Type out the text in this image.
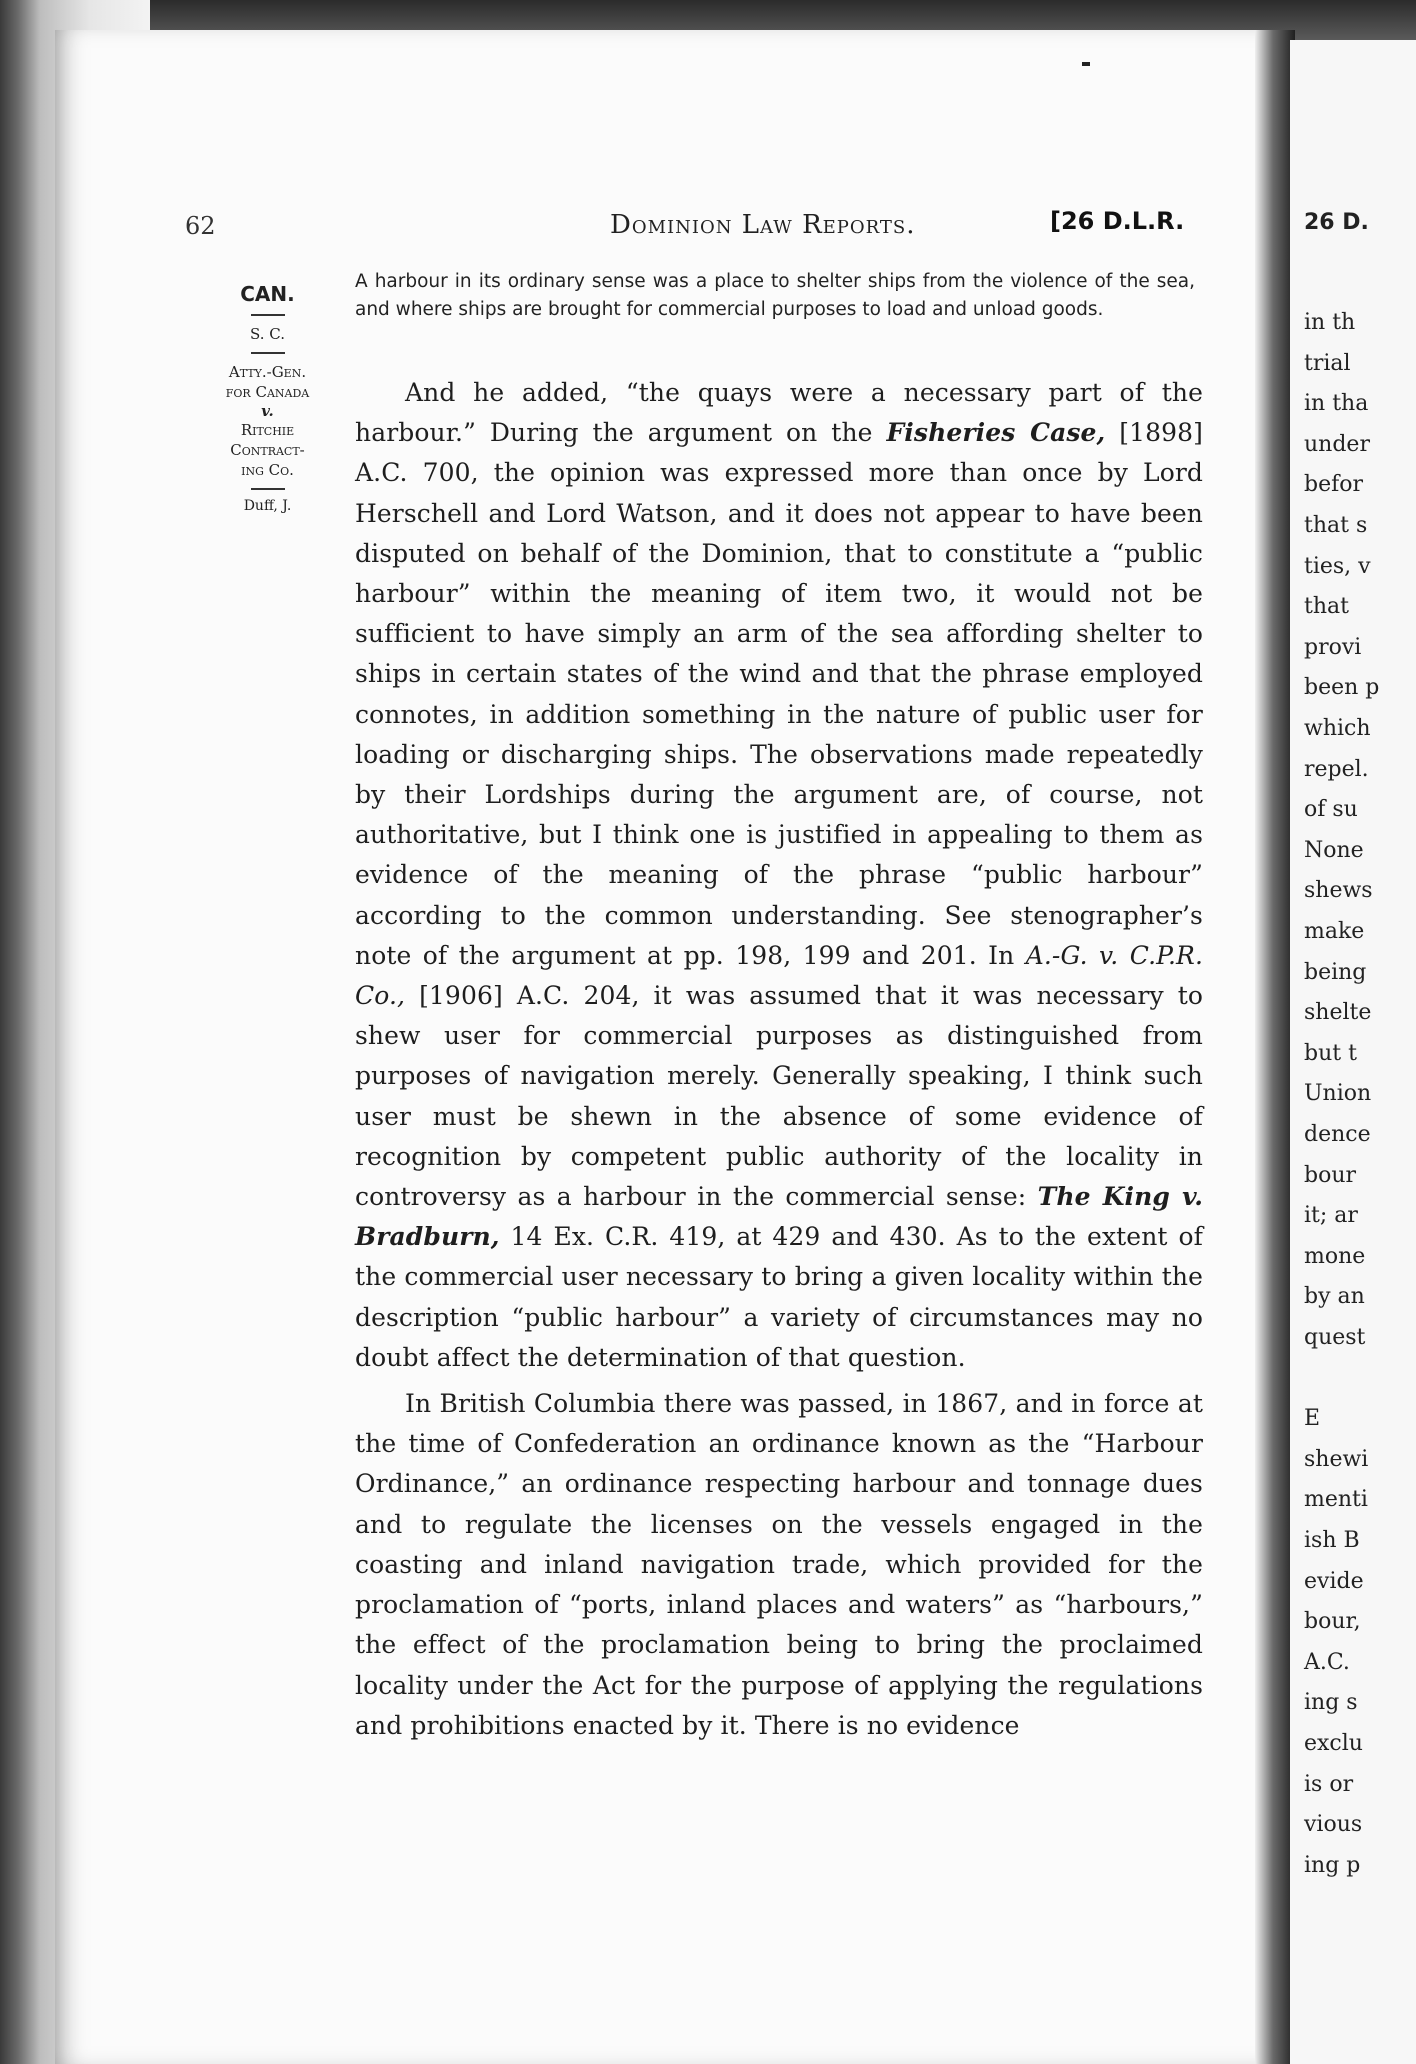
26 D.
in th
trial
in tha
under
befor
that s
ties, v
that
provi
been p
which
repel.
of su
None
shews
make
being
shelte
but t
Union
dence
bour
it; ar
mone
by an
quest
E
shewi
menti
ish B
evide
bour,
A.C.
ing s
exclu
is or
vious
ing p
62	Dominion Law Reports.	[26 D.L.R.
CAN.
S. C.
Atty.-Gen.
for Canada
v.
Ritchie
Contract-
ing Co.
Duff, J.
A harbour in its ordinary sense was a place to shelter ships from the violence of the sea, and where ships are brought for commercial purposes to load and unload goods.

And he added, “the quays were a necessary part of the harbour.” During the argument on the Fisheries Case, [1898] A.C. 700, the opinion was expressed more than once by Lord Herschell and Lord Watson, and it does not appear to have been disputed on behalf of the Dominion, that to constitute a “public harbour” within the meaning of item two, it would not be sufficient to have simply an arm of the sea affording shelter to ships in certain states of the wind and that the phrase employed connotes, in addition something in the nature of public user for loading or discharging ships. The observations made repeatedly by their Lordships during the argument are, of course, not authoritative, but I think one is justified in appealing to them as evidence of the meaning of the phrase “public harbour” according to the common understanding. See stenographer’s note of the argument at pp. 198, 199 and 201. In A.-G. v. C.P.R. Co., [1906] A.C. 204, it was assumed that it was necessary to shew user for commercial purposes as distinguished from purposes of navigation merely. Generally speaking, I think such user must be shewn in the absence of some evidence of recognition by competent public authority of the locality in controversy as a harbour in the commercial sense: The King v. Bradburn, 14 Ex. C.R. 419, at 429 and 430. As to the extent of the commercial user necessary to bring a given locality within the description “public harbour” a variety of circumstances may no doubt affect the determination of that question.

In British Columbia there was passed, in 1867, and in force at the time of Confederation an ordinance known as the “Harbour Ordinance,” an ordinance respecting harbour and tonnage dues and to regulate the licenses on the vessels engaged in the coasting and inland navigation trade, which provided for the proclamation of “ports, inland places and waters” as “harbours,” the effect of the proclamation being to bring the proclaimed locality under the Act for the purpose of applying the regulations and prohibitions enacted by it. There is no evidence
